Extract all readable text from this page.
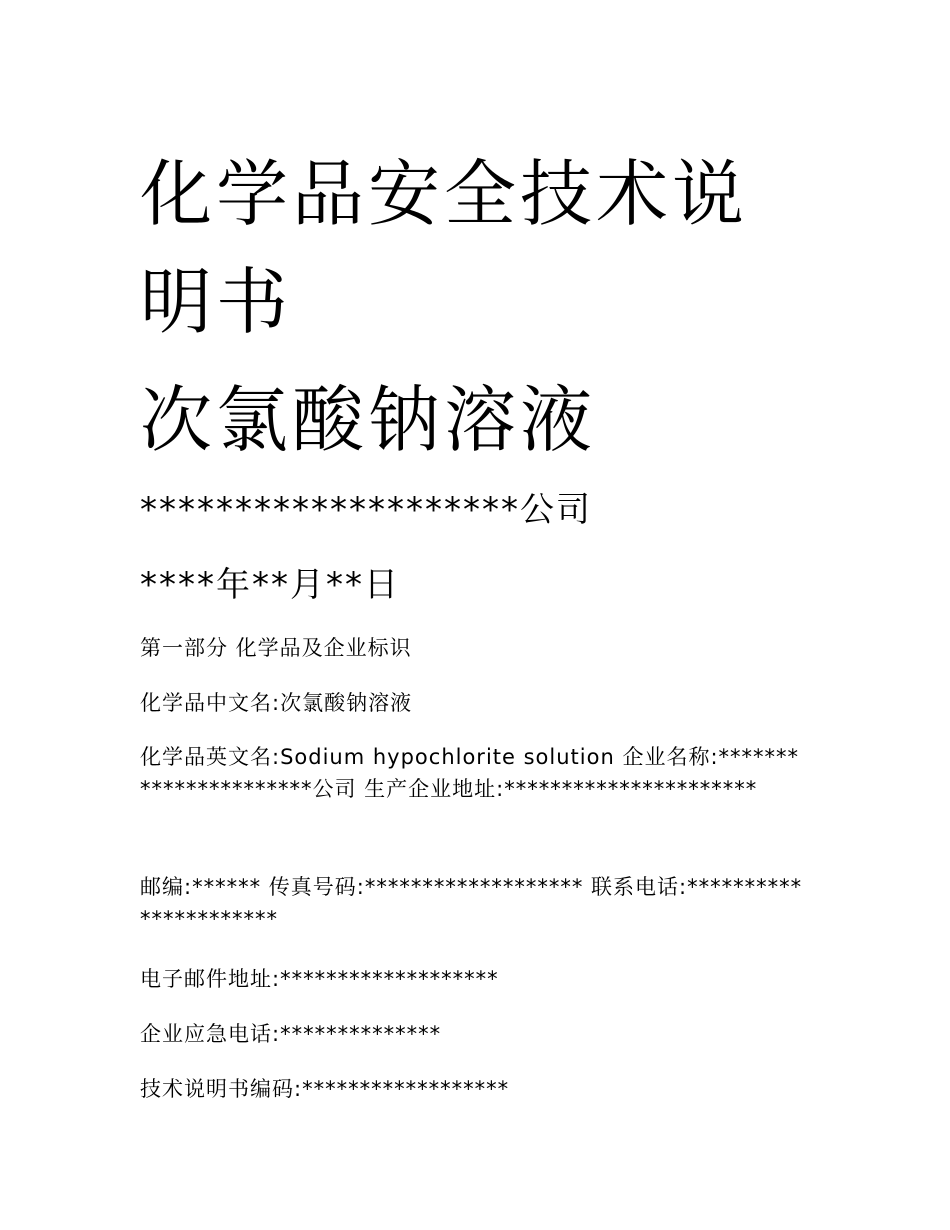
化学品安全技术说明书
次氯酸钠溶液
********************公司
****年**月**日

第一部分 化学品及企业标识

化学品中文名:次氯酸钠溶液

化学品英文名:Sodium hypochlorite solution 企业名称:**********************公司 生产企业地址:**********************

邮编:****** 传真号码:******************* 联系电话:**********************

电子邮件地址:*******************

企业应急电话:**************

技术说明书编码:******************
